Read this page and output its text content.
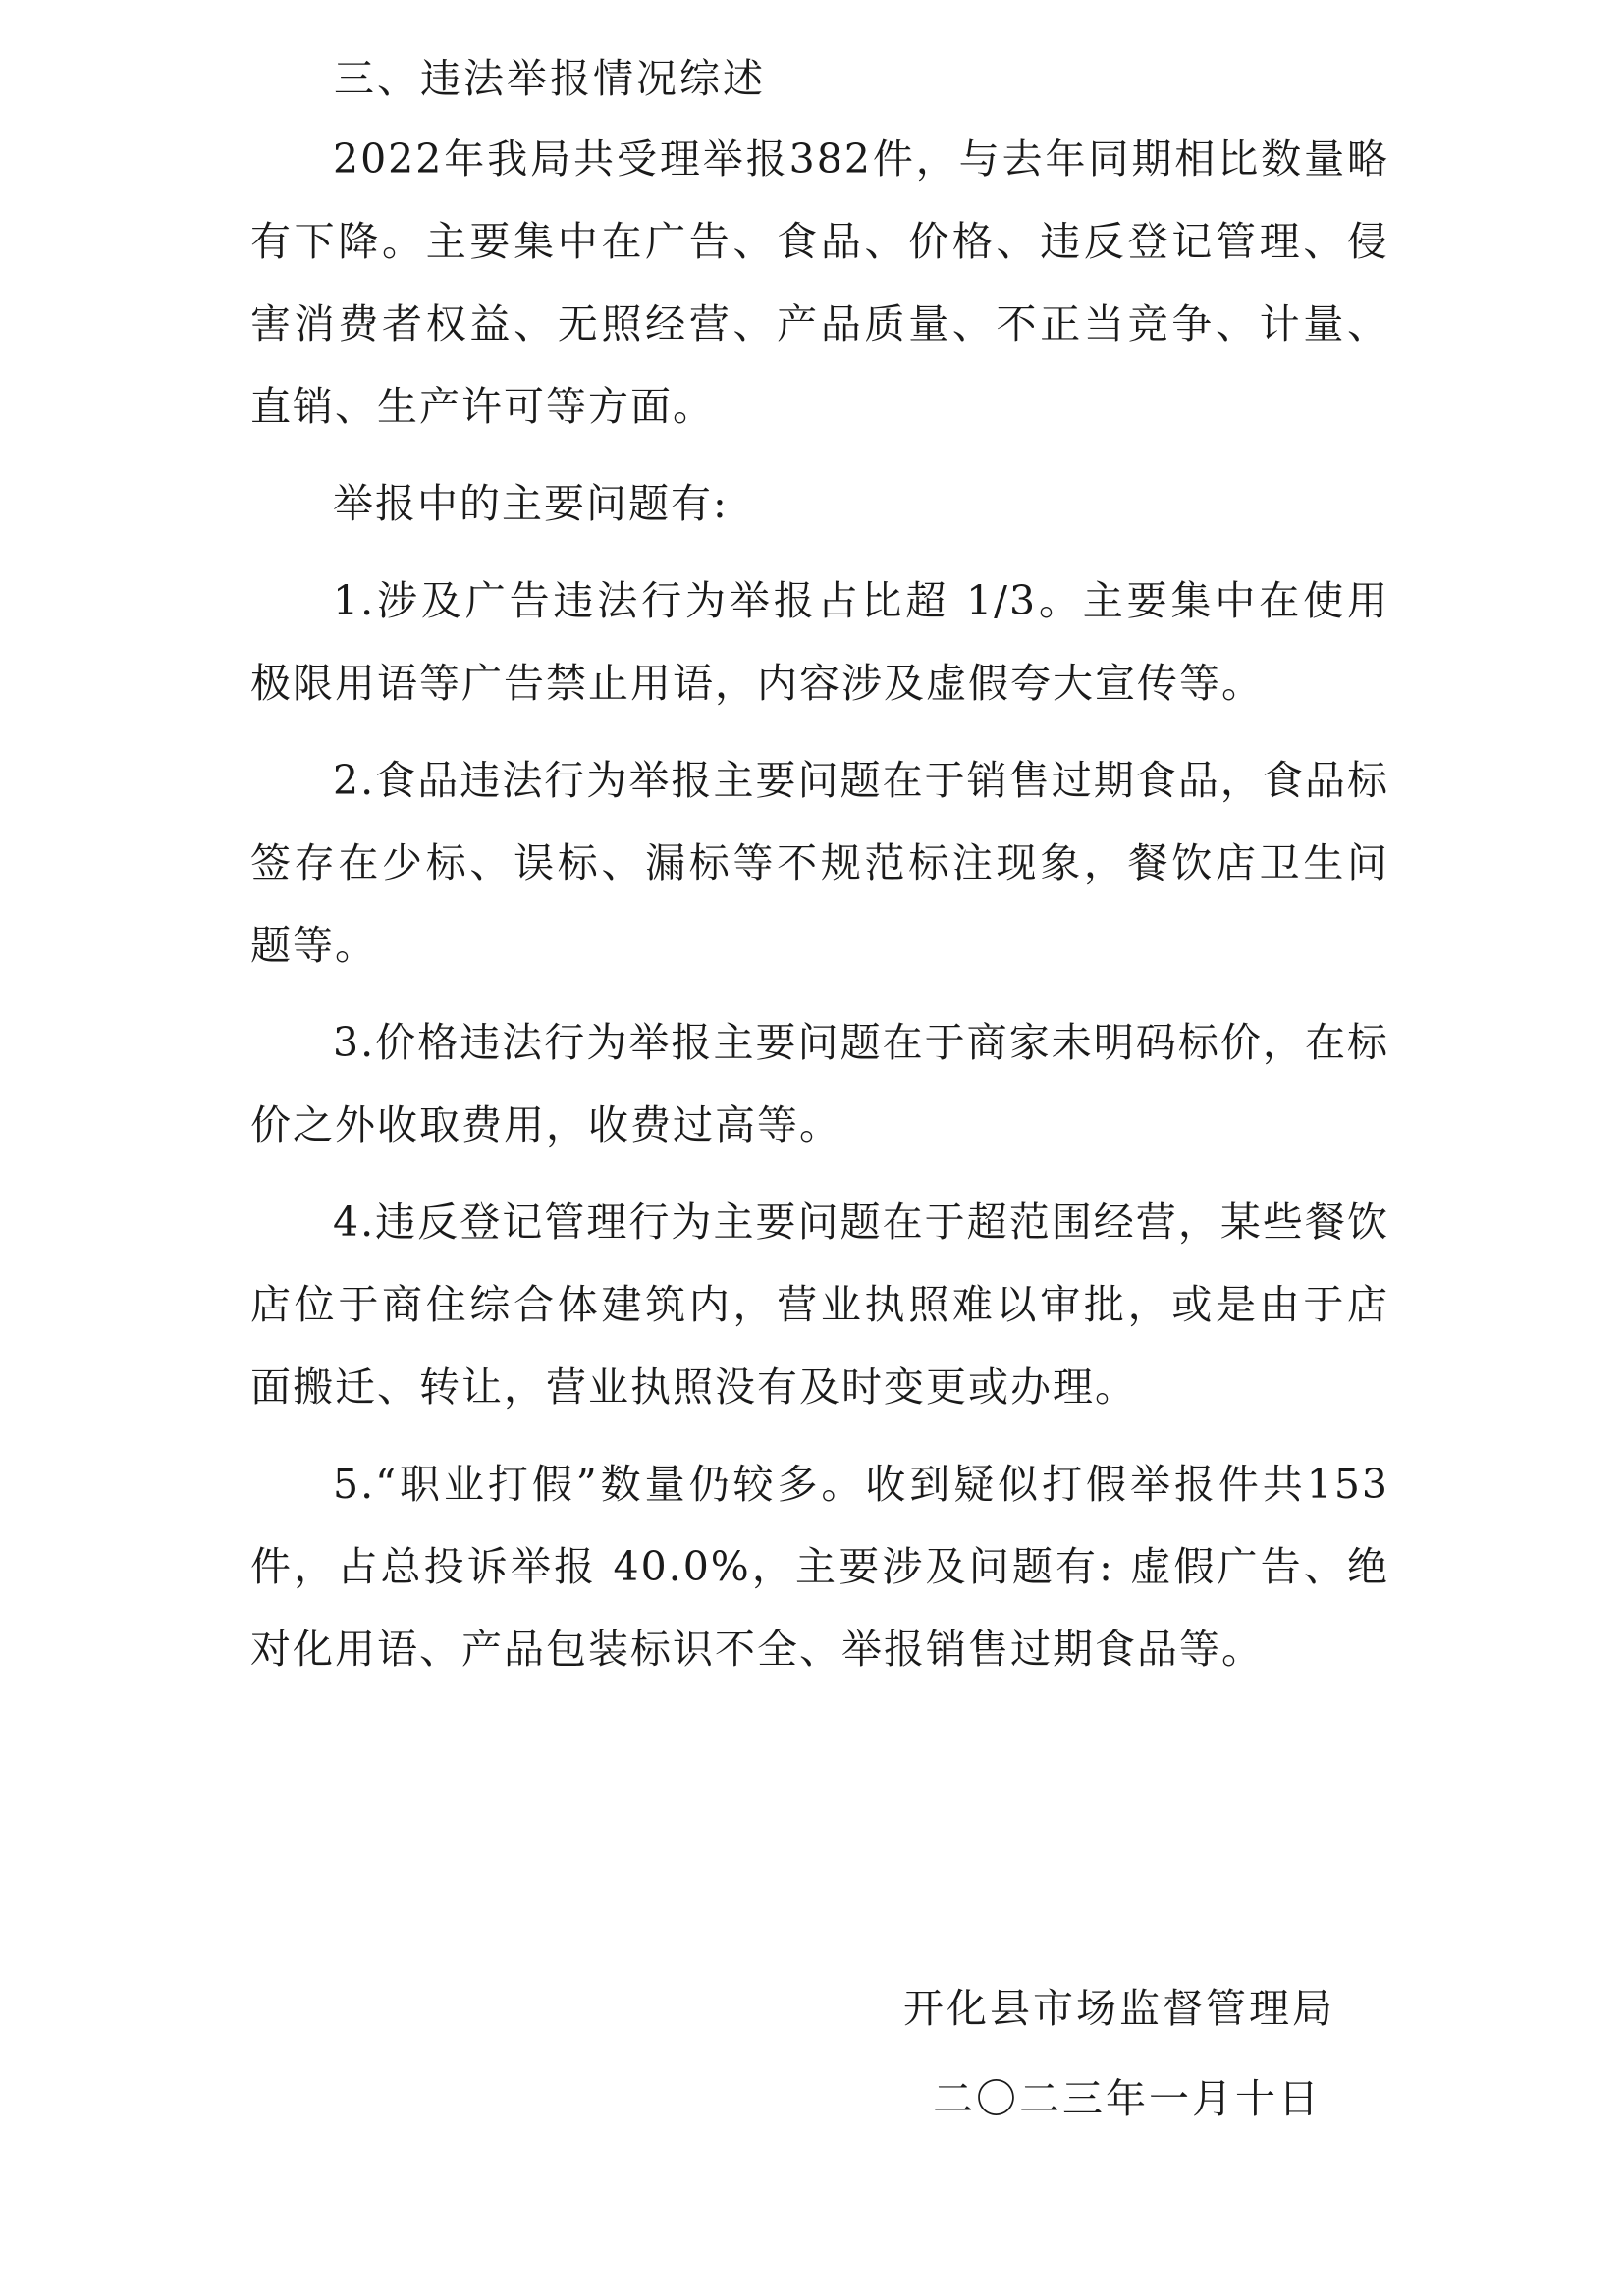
三、违法举报情况综述

2022年我局共受理举报382件，与去年同期相比数量略有下降。主要集中在广告、食品、价格、违反登记管理、侵害消费者权益、无照经营、产品质量、不正当竞争、计量、直销、生产许可等方面。

举报中的主要问题有:

1.涉及广告违法行为举报占比超 1/3。主要集中在使用极限用语等广告禁止用语，内容涉及虚假夸大宣传等。

2.食品违法行为举报主要问题在于销售过期食品，食品标签存在少标、误标、漏标等不规范标注现象，餐饮店卫生问题等。

3.价格违法行为举报主要问题在于商家未明码标价，在标价之外收取费用，收费过高等。

4.违反登记管理行为主要问题在于超范围经营，某些餐饮店位于商住综合体建筑内，营业执照难以审批，或是由于店面搬迁、转让，营业执照没有及时变更或办理。

5.“职业打假”数量仍较多。收到疑似打假举报件共153件，占总投诉举报 40.0%，主要涉及问题有: 虚假广告、绝对化用语、产品包装标识不全、举报销售过期食品等。

开化县市场监督管理局
二〇二三年一月十日
